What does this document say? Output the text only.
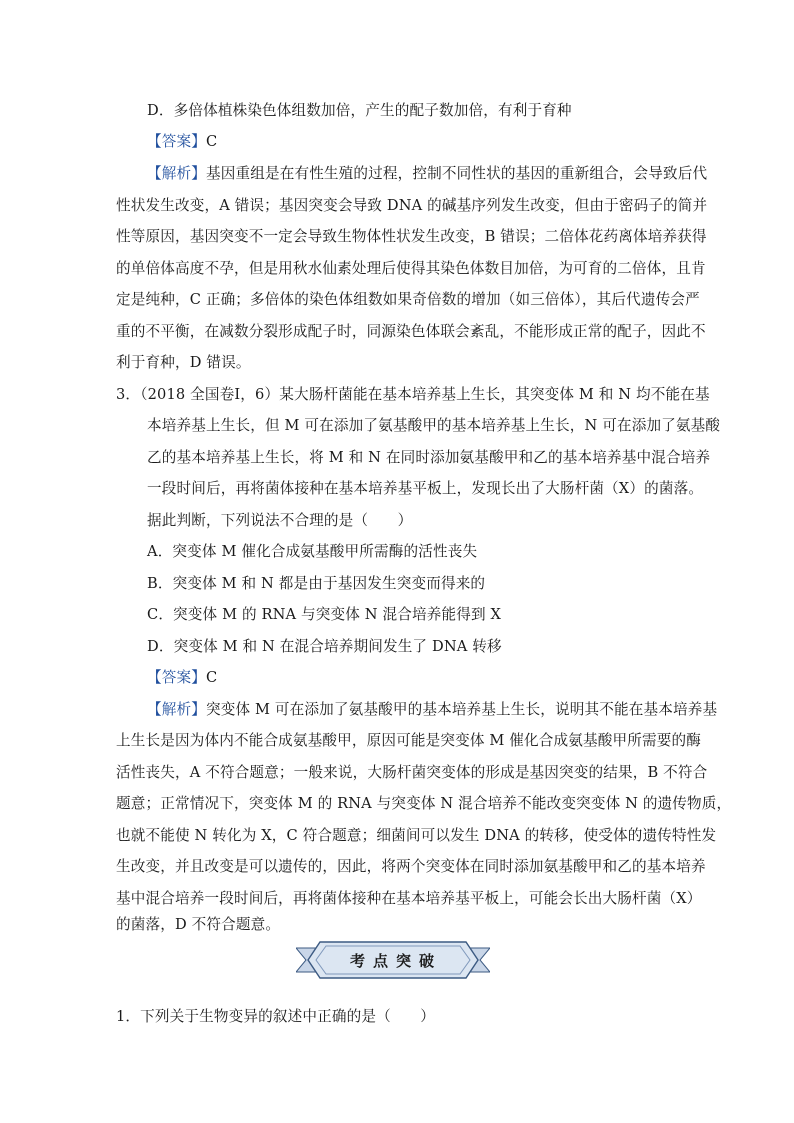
D．多倍体植株染色体组数加倍，产生的配子数加倍，有利于育种
【答案】C
【解析】基因重组是在有性生殖的过程，控制不同性状的基因的重新组合，会导致后代
性状发生改变，A 错误；基因突变会导致 DNA 的碱基序列发生改变，但由于密码子的简并
性等原因，基因突变不一定会导致生物体性状发生改变，B 错误；二倍体花药离体培养获得
的单倍体高度不孕，但是用秋水仙素处理后使得其染色体数目加倍，为可育的二倍体，且肯
定是纯种，C 正确；多倍体的染色体组数如果奇倍数的增加（如三倍体），其后代遗传会严
重的不平衡，在减数分裂形成配子时，同源染色体联会紊乱，不能形成正常的配子，因此不
利于育种，D 错误。
3．（2018 全国卷Ⅰ，6）某大肠杆菌能在基本培养基上生长，其突变体 M 和 N 均不能在基
本培养基上生长，但 M 可在添加了氨基酸甲的基本培养基上生长，N 可在添加了氨基酸
乙的基本培养基上生长，将 M 和 N 在同时添加氨基酸甲和乙的基本培养基中混合培养
一段时间后，再将菌体接种在基本培养基平板上，发现长出了大肠杆菌（X）的菌落。
据此判断，下列说法不合理的是（　　）
A．突变体 M 催化合成氨基酸甲所需酶的活性丧失
B．突变体 M 和 N 都是由于基因发生突变而得来的
C．突变体 M 的 RNA 与突变体 N 混合培养能得到 X
D．突变体 M 和 N 在混合培养期间发生了 DNA 转移
【答案】C
【解析】突变体 M 可在添加了氨基酸甲的基本培养基上生长，说明其不能在基本培养基
上生长是因为体内不能合成氨基酸甲，原因可能是突变体 M 催化合成氨基酸甲所需要的酶
活性丧失，A 不符合题意；一般来说，大肠杆菌突变体的形成是基因突变的结果，B 不符合
题意；正常情况下，突变体 M 的 RNA 与突变体 N 混合培养不能改变突变体 N 的遗传物质，
也就不能使 N 转化为 X，C 符合题意；细菌间可以发生 DNA 的转移，使受体的遗传特性发
生改变，并且改变是可以遗传的，因此，将两个突变体在同时添加氨基酸甲和乙的基本培养
基中混合培养一段时间后，再将菌体接种在基本培养基平板上，可能会长出大肠杆菌（X）
的菌落，D 不符合题意。
考点突破
1．下列关于生物变异的叙述中正确的是（　　）
